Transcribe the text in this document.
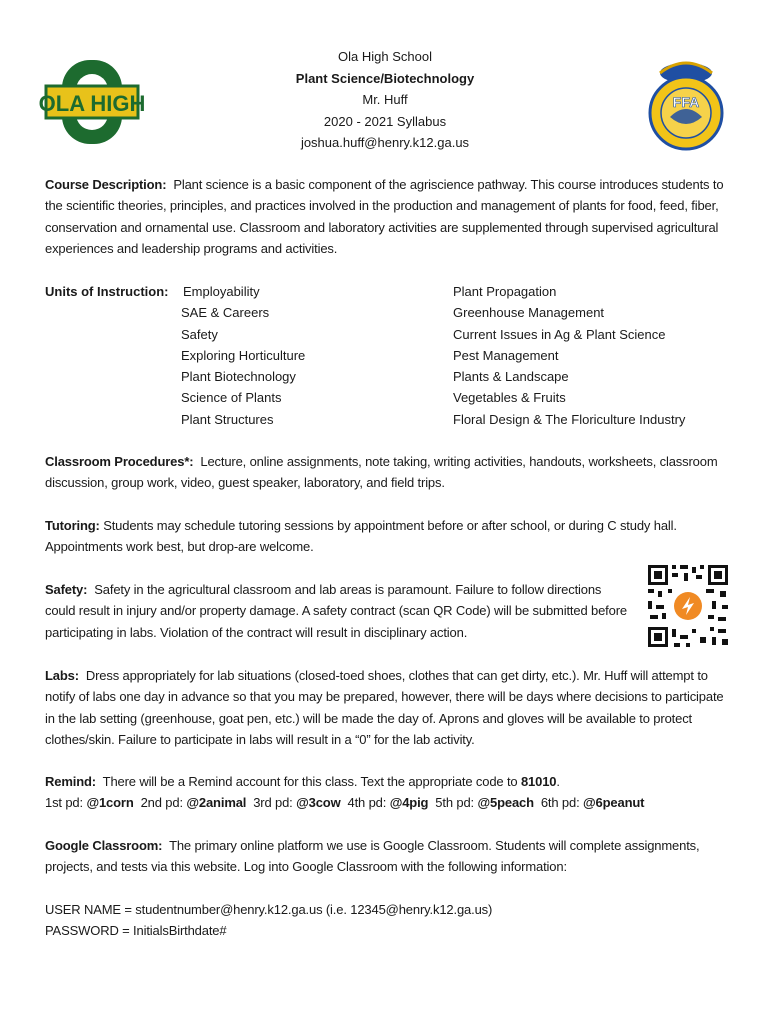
OLA HIGH	FFA
Ola High School
Plant Science/Biotechnology
Mr. Huff
2020 - 2021 Syllabus
joshua.huff@henry.k12.ga.us
Course Description: Plant science is a basic component of the agriscience pathway. This course introduces students to the scientific theories, principles, and practices involved in the production and management of plants for food, feed, fiber, conservation and ornamental use. Classroom and laboratory activities are supplemented through supervised agricultural experiences and leadership programs and activities.
Units of Instruction: Employability
SAE & Careers
Safety
Exploring Horticulture
Plant Biotechnology
Science of Plants
Plant Structures
Plant Propagation
Greenhouse Management
Current Issues in Ag & Plant Science
Pest Management
Plants & Landscape
Vegetables & Fruits
Floral Design & The Floriculture Industry
Classroom Procedures*: Lecture, online assignments, note taking, writing activities, handouts, worksheets, classroom discussion, group work, video, guest speaker, laboratory, and field trips.
Tutoring: Students may schedule tutoring sessions by appointment before or after school, or during C study hall. Appointments work best, but drop-are welcome.
Safety: Safety in the agricultural classroom and lab areas is paramount. Failure to follow directions could result in injury and/or property damage. A safety contract (scan QR Code) will be submitted before participating in labs. Violation of the contract will result in disciplinary action.
Labs: Dress appropriately for lab situations (closed-toed shoes, clothes that can get dirty, etc.). Mr. Huff will attempt to notify of labs one day in advance so that you may be prepared, however, there will be days where decisions to participate in the lab setting (greenhouse, goat pen, etc.) will be made the day of. Aprons and gloves will be available to protect clothes/skin. Failure to participate in labs will result in a “0” for the lab activity.
Remind: There will be a Remind account for this class. Text the appropriate code to 81010.
1st pd: @1corn 2nd pd: @2animal 3rd pd: @3cow 4th pd: @4pig 5th pd: @5peach 6th pd: @6peanut
Google Classroom: The primary online platform we use is Google Classroom. Students will complete assignments, projects, and tests via this website. Log into Google Classroom with the following information:
USER NAME = studentnumber@henry.k12.ga.us (i.e. 12345@henry.k12.ga.us)
PASSWORD = InitialsBirthdate#
